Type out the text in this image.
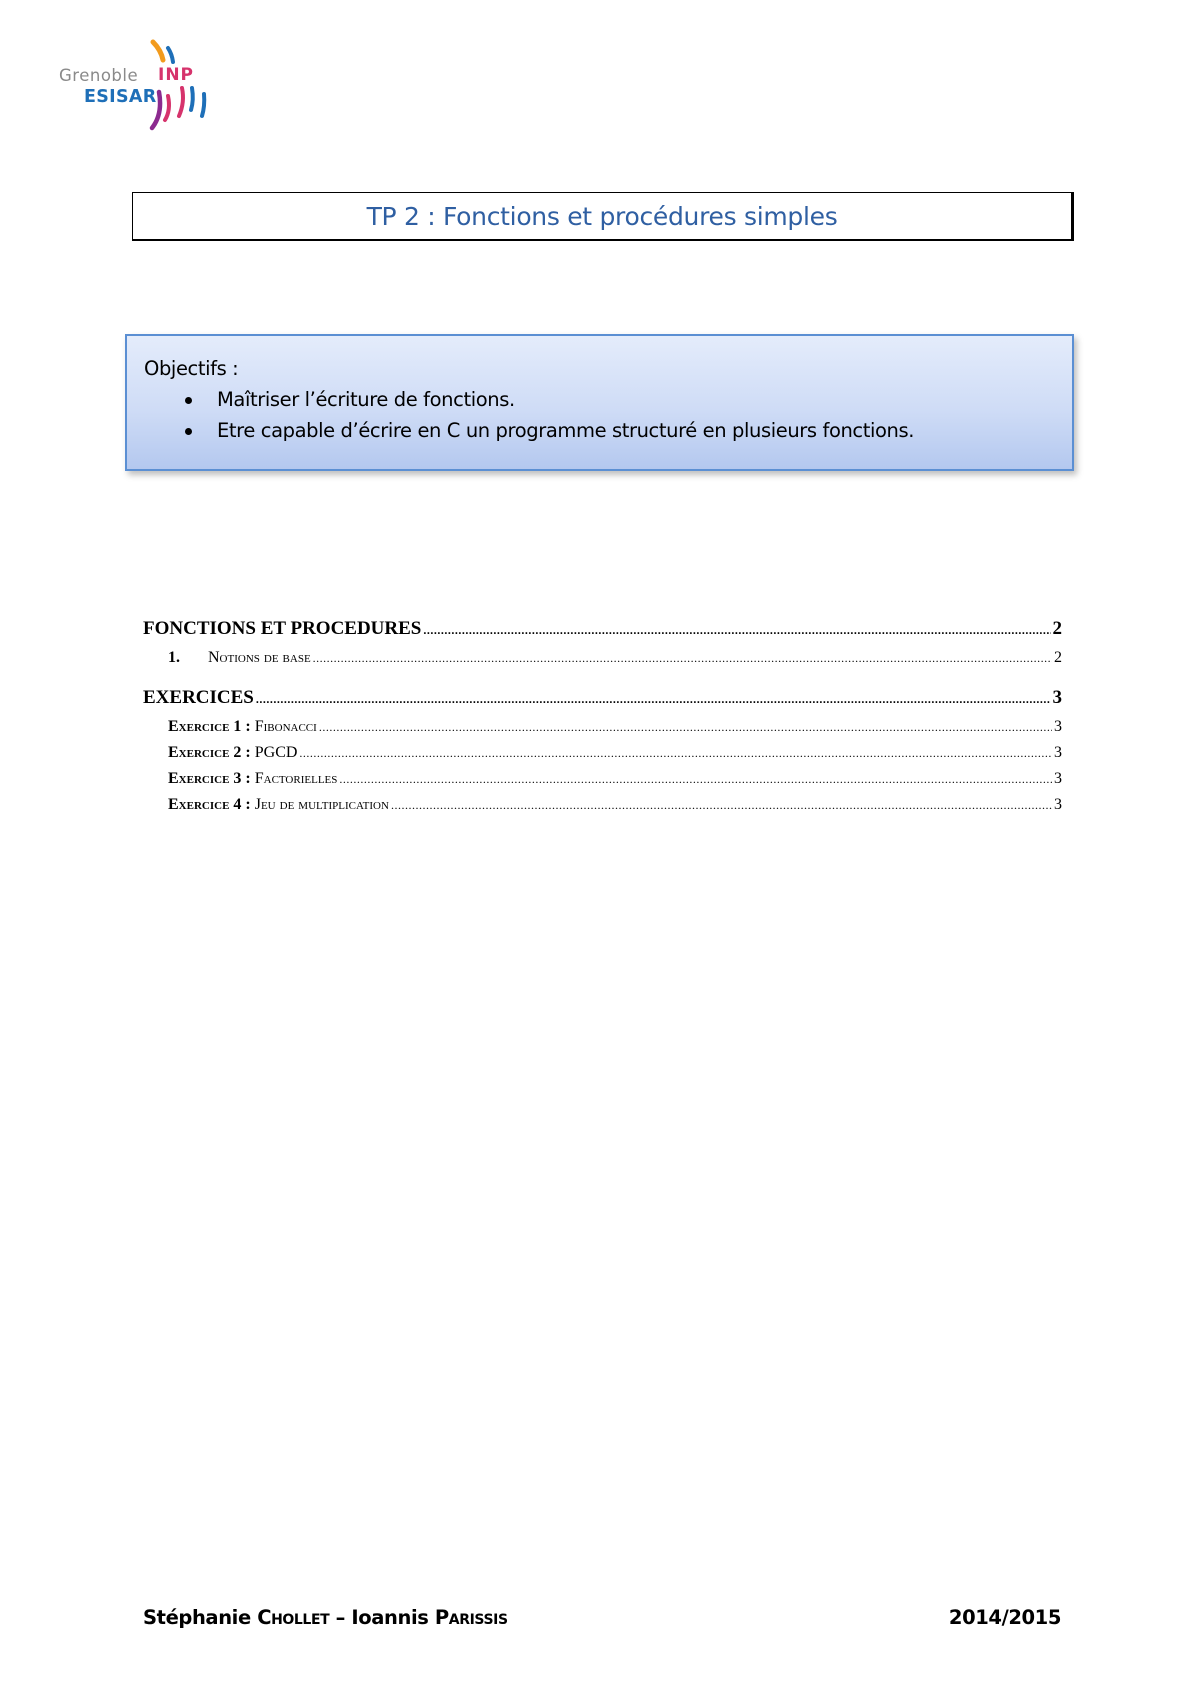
Grenoble INP
ESISAR
TP 2 : Fonctions et procédures simples
Objectifs :
Maîtriser l’écriture de fonctions.
Etre capable d’écrire en C un programme structuré en plusieurs fonctions.
FONCTIONS ET PROCEDURES .....	2
1. Notions de base .....	2
EXERCICES .....	3
Exercice 1 : Fibonacci .....	3
Exercice 2 : PGCD .....	3
Exercice 3 : Factorielles .....	3
Exercice 4 : Jeu de multiplication .....	3
Stéphanie Chollet – Ioannis Parissis	2014/2015
